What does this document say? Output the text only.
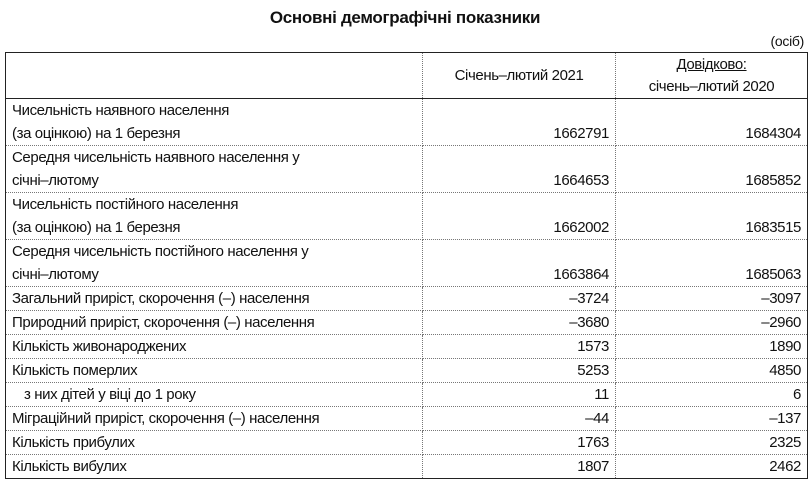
Основні демографічні показники
(осіб)
	Січень–лютий 2021	Довідково:
січень–лютий 2020
Чисельність наявного населення
(за оцінкою) на 1 березня	1662791	1684304
Середня чисельність наявного населення у
січні–лютому	1664653	1685852
Чисельність постійного населення
(за оцінкою) на 1 березня	1662002	1683515
Середня чисельність постійного населення у
січні–лютому	1663864	1685063
Загальний приріст, скорочення (–) населення	–3724	–3097
Природний приріст, скорочення (–) населення	–3680	–2960
Кількість живонароджених	1573	1890
Кількість померлих	5253	4850
з них дітей у віці до 1 року	11	6
Міграційний приріст, скорочення (–) населення	–44	–137
Кількість прибулих	1763	2325
Кількість вибулих	1807	2462
